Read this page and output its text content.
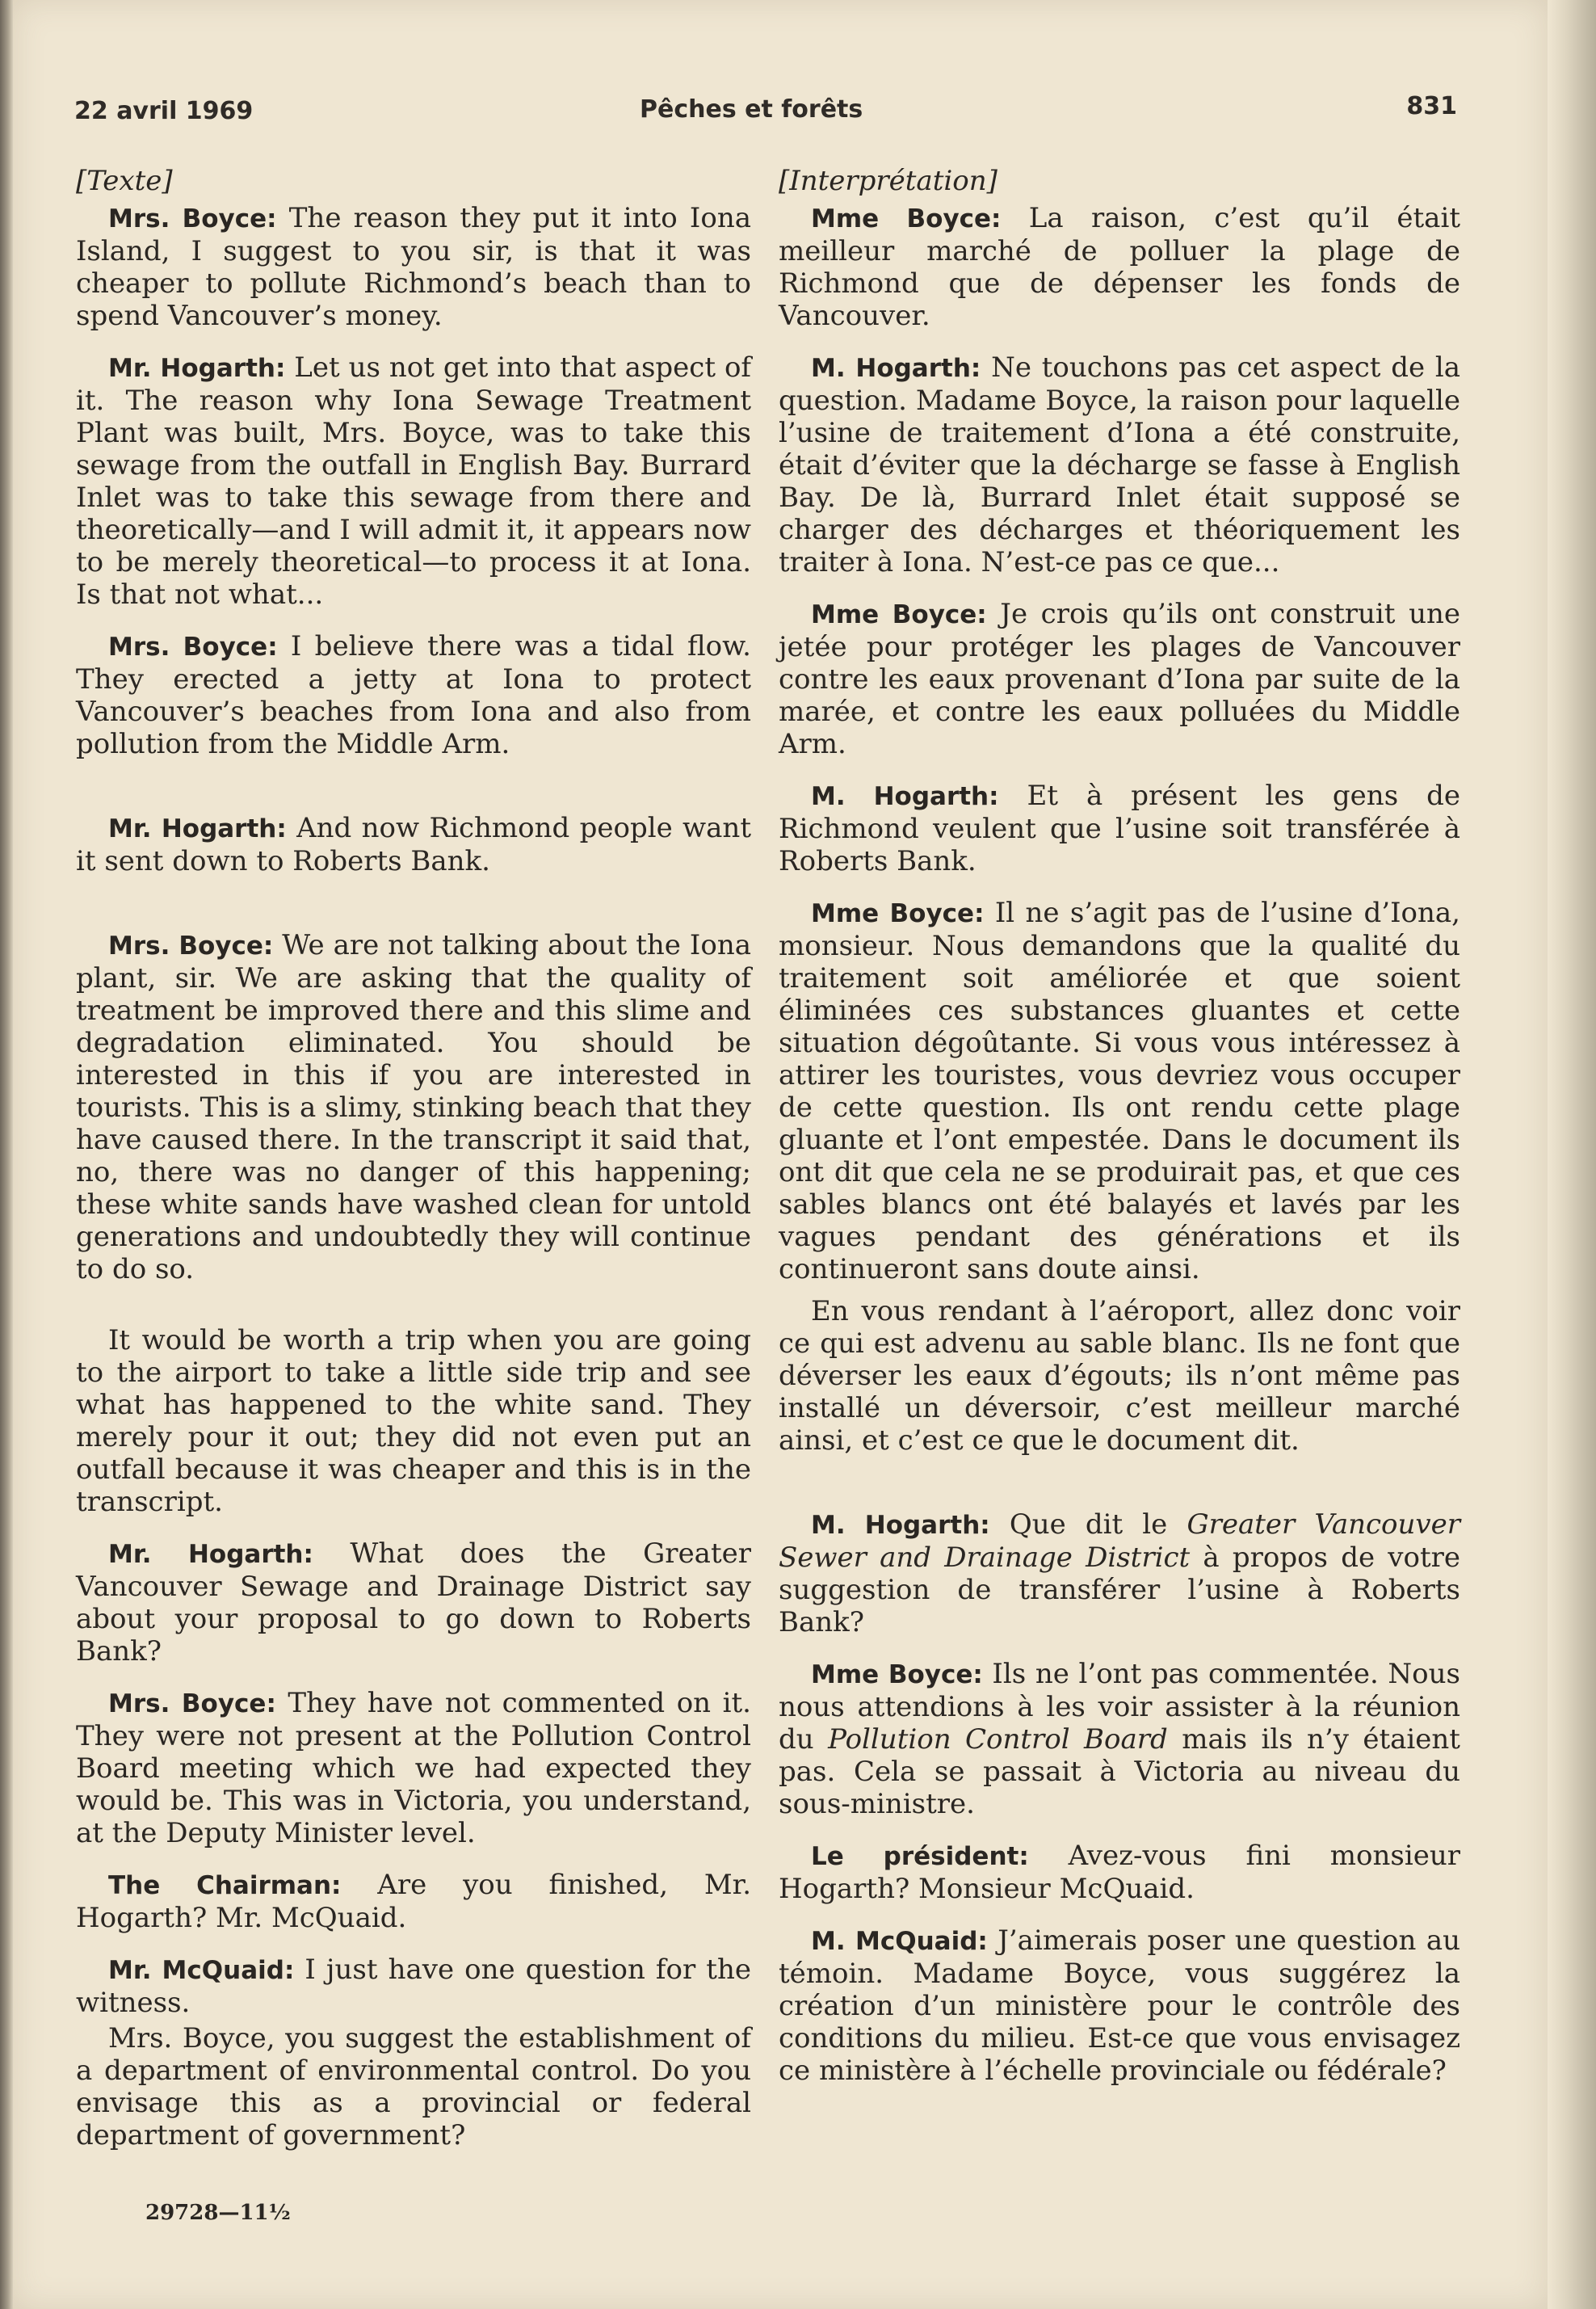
22 avril 1969	Pêches et forêts	831
[Texte]

Mrs. Boyce: The reason they put it into Iona Island, I suggest to you sir, is that it was cheaper to pollute Richmond’s beach than to spend Vancouver’s money.

Mr. Hogarth: Let us not get into that aspect of it. The reason why Iona Sewage Treatment Plant was built, Mrs. Boyce, was to take this sewage from the outfall in English Bay. Burrard Inlet was to take this sewage from there and theoretically—and I will admit it, it appears now to be merely theoretical—to process it at Iona. Is that not what...

Mrs. Boyce: I believe there was a tidal flow. They erected a jetty at Iona to protect Vancouver’s beaches from Iona and also from pollution from the Middle Arm.

Mr. Hogarth: And now Richmond people want it sent down to Roberts Bank.

Mrs. Boyce: We are not talking about the Iona plant, sir. We are asking that the quality of treatment be improved there and this slime and degradation eliminated. You should be interested in this if you are interested in tourists. This is a slimy, stinking beach that they have caused there. In the transcript it said that, no, there was no danger of this happening; these white sands have washed clean for untold generations and undoubtedly they will continue to do so.

It would be worth a trip when you are going to the airport to take a little side trip and see what has happened to the white sand. They merely pour it out; they did not even put an outfall because it was cheaper and this is in the transcript.

Mr. Hogarth: What does the Greater Vancouver Sewage and Drainage District say about your proposal to go down to Roberts Bank?

Mrs. Boyce: They have not commented on it. They were not present at the Pollution Control Board meeting which we had expected they would be. This was in Victoria, you understand, at the Deputy Minister level.

The Chairman: Are you finished, Mr. Hogarth? Mr. McQuaid.

Mr. McQuaid: I just have one question for the witness.

Mrs. Boyce, you suggest the establishment of a department of environmental control. Do you envisage this as a provincial or federal department of government?

[Interprétation]

Mme Boyce: La raison, c’est qu’il était meilleur marché de polluer la plage de Richmond que de dépenser les fonds de Vancouver.

M. Hogarth: Ne touchons pas cet aspect de la question. Madame Boyce, la raison pour laquelle l’usine de traitement d’Iona a été construite, était d’éviter que la décharge se fasse à English Bay. De là, Burrard Inlet était supposé se charger des décharges et théoriquement les traiter à Iona. N’est-ce pas ce que...

Mme Boyce: Je crois qu’ils ont construit une jetée pour protéger les plages de Vancouver contre les eaux provenant d’Iona par suite de la marée, et contre les eaux polluées du Middle Arm.

M. Hogarth: Et à présent les gens de Richmond veulent que l’usine soit transférée à Roberts Bank.

Mme Boyce: Il ne s’agit pas de l’usine d’Iona, monsieur. Nous demandons que la qualité du traitement soit améliorée et que soient éliminées ces substances gluantes et cette situation dégoûtante. Si vous vous intéressez à attirer les touristes, vous devriez vous occuper de cette question. Ils ont rendu cette plage gluante et l’ont empestée. Dans le document ils ont dit que cela ne se produirait pas, et que ces sables blancs ont été balayés et lavés par les vagues pendant des générations et ils continueront sans doute ainsi.

En vous rendant à l’aéroport, allez donc voir ce qui est advenu au sable blanc. Ils ne font que déverser les eaux d’égouts; ils n’ont même pas installé un déversoir, c’est meilleur marché ainsi, et c’est ce que le document dit.

M. Hogarth: Que dit le Greater Vancouver Sewer and Drainage District à propos de votre suggestion de transférer l’usine à Roberts Bank?

Mme Boyce: Ils ne l’ont pas commentée. Nous nous attendions à les voir assister à la réunion du Pollution Control Board mais ils n’y étaient pas. Cela se passait à Victoria au niveau du sous-ministre.

Le président: Avez-vous fini monsieur Hogarth? Monsieur McQuaid.

M. McQuaid: J’aimerais poser une question au témoin. Madame Boyce, vous suggérez la création d’un ministère pour le contrôle des conditions du milieu. Est-ce que vous envisagez ce ministère à l’échelle provinciale ou fédérale?

29728—11½
